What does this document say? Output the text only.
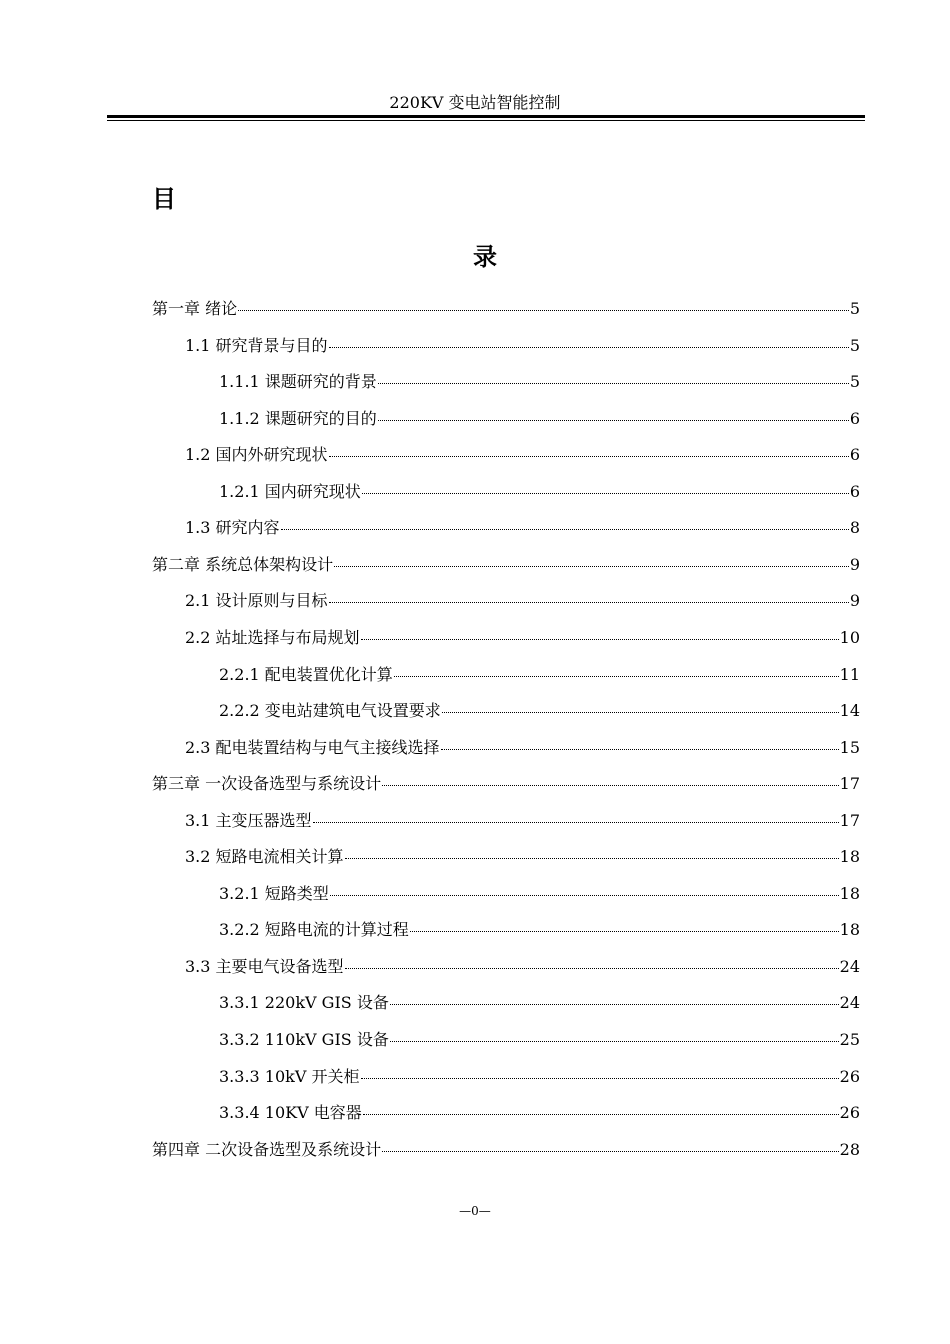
220KV 变电站智能控制
目
录
第一章 绪论	5
1.1 研究背景与目的	5
1.1.1 课题研究的背景	5
1.1.2 课题研究的目的	6
1.2 国内外研究现状	6
1.2.1 国内研究现状	6
1.3 研究内容	8
第二章 系统总体架构设计	9
2.1 设计原则与目标	9
2.2 站址选择与布局规划	10
2.2.1 配电装置优化计算	11
2.2.2 变电站建筑电气设置要求	14
2.3 配电装置结构与电气主接线选择	15
第三章 一次设备选型与系统设计	17
3.1 主变压器选型	17
3.2 短路电流相关计算	18
3.2.1 短路类型	18
3.2.2 短路电流的计算过程	18
3.3 主要电气设备选型	24
3.3.1 220kV GIS 设备	24
3.3.2 110kV GIS 设备	25
3.3.3 10kV 开关柜	26
3.3.4 10KV 电容器	26
第四章 二次设备选型及系统设计	28
—0—
